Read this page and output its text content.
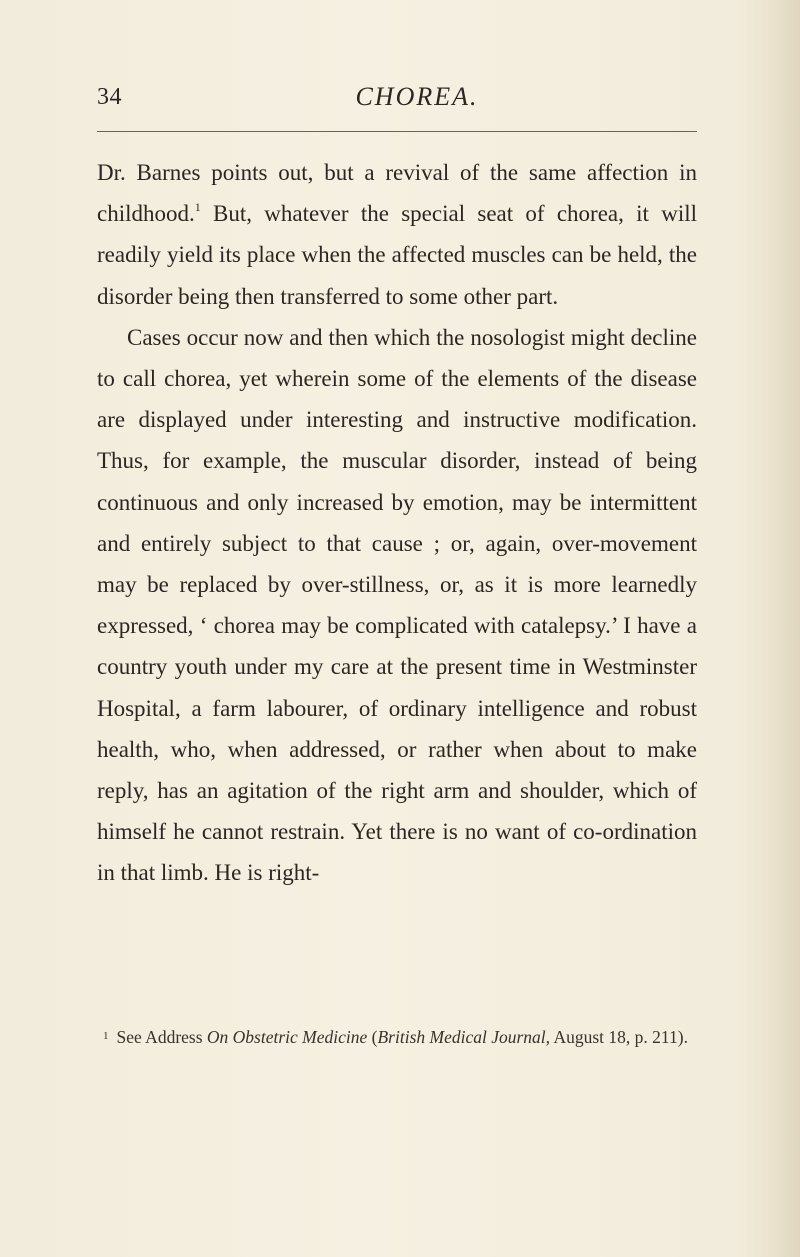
34	CHOREA.

Dr. Barnes points out, but a revival of the same affection in childhood.$^1$ But, whatever the special seat of chorea, it will readily yield its place when the affected muscles can be held, the disorder being then transferred to some other part.

Cases occur now and then which the nosologist might decline to call chorea, yet wherein some of the elements of the disease are displayed under interesting and instructive modification. Thus, for example, the muscular disorder, instead of being continuous and only increased by emotion, may be intermittent and entirely subject to that cause ; or, again, over-movement may be replaced by over-stillness, or, as it is more learnedly expressed, ‘ chorea may be complicated with catalepsy.’ I have a country youth under my care at the present time in Westminster Hospital, a farm labourer, of ordinary intelligence and robust health, who, when addressed, or rather when about to make reply, has an agitation of the right arm and shoulder, which of himself he cannot restrain. Yet there is no want of co-ordination in that limb. He is right-

$^1$ See Address On Obstetric Medicine (British Medical Journal, August 18, p. 211).
